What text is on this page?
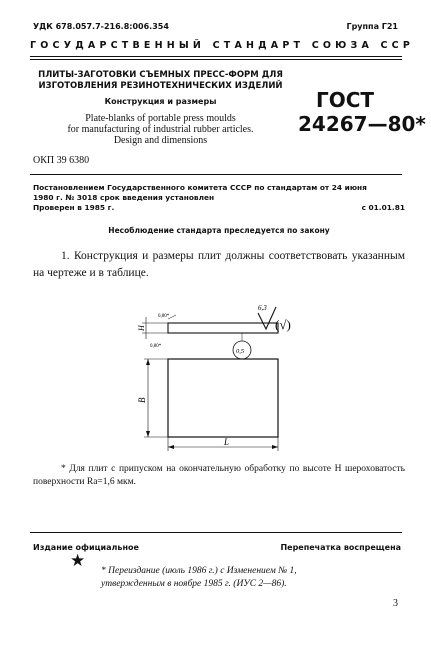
УДК 678.057.7-216.8:006.354	Группа Г21
ГОСУДАРСТВЕННЫЙ СТАНДАРТ СОЮЗА ССР
ПЛИТЫ-ЗАГОТОВКИ СЪЕМНЫХ ПРЕСС-ФОРМ ДЛЯ
ИЗГОТОВЛЕНИЯ РЕЗИНОТЕХНИЧЕСКИХ ИЗДЕЛИЙ
Конструкция и размеры
Plate-blanks of portable press moulds
for manufacturing of industrial rubber articles.
Design and dimensions
ГОСТ
24267—80*
ОКП 39 6380
Постановлением Государственного комитета СССР по стандартам от 24 июня
1980 г. № 3018 срок введения установлен
Проверен в 1985 г.	с 01.01.81
Несоблюдение стандарта преследуется по закону
1. Конструкция и размеры плит должны соответствовать указанным на чертеже и в таблице.
6,3
(√)
H
0,80*
0,80*
0,5
B
L
* Для плит с припуском на окончательную обработку по высоте H шероховатость поверхности Ra=1,6 мкм.
Издание официальное	Перепечатка воспрещена
★
* Переиздание (июль 1986 г.) с Изменением № 1,
утвержденным в ноябре 1985 г. (ИУС 2—86).
3
